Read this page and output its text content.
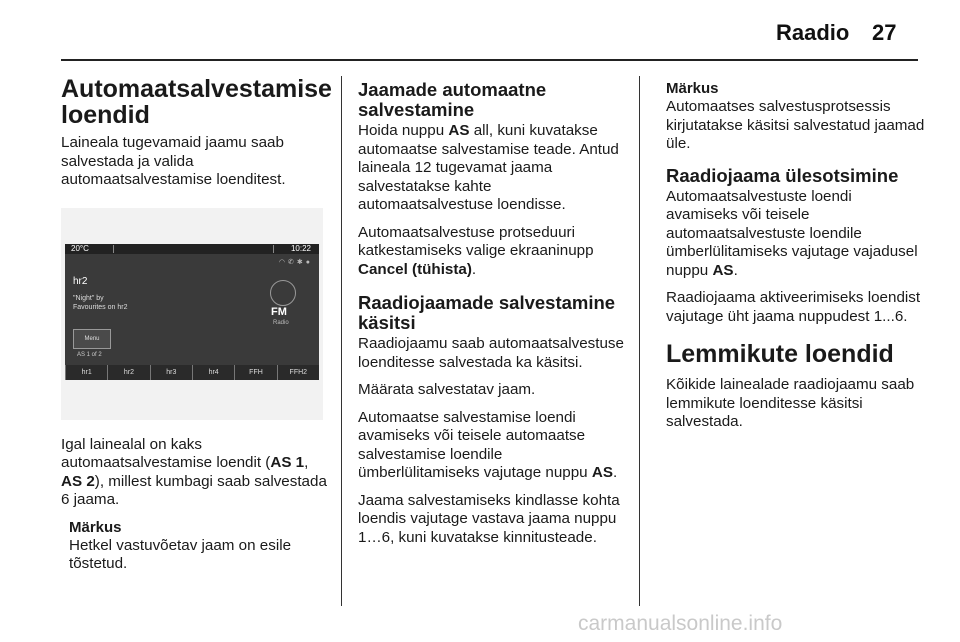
Raadio 27
Automaatsalvestamise loendid

Laineala tugevamaid jaamu saab salvestada ja valida automaatsalvestamise loenditest.

20°C	10:22
◠✆✱●
hr2
"Night" by
Favourites on hr2	FM
Radio
Menu
AS 1 of 2
hr1	hr2	hr3	hr4	FFH	FFH2

Igal lainealal on kaks automaatsalvestamise loendit (AS 1, AS 2), millest kumbagi saab salvestada 6 jaama.

Märkus
Hetkel vastuvõetav jaam on esile tõstetud.
Jaamade automaatne salvestamine

Hoida nuppu AS all, kuni kuvatakse automaatse salvestamise teade. Antud laineala 12 tugevamat jaama salvestatakse kahte automaatsalvestuse loendisse.

Automaatsalvestuse protseduuri katkestamiseks valige ekraaninupp Cancel (tühista).

Raadiojaamade salvestamine käsitsi

Raadiojaamu saab automaatsalvestuse loenditesse salvestada ka käsitsi.

Määrata salvestatav jaam.

Automaatse salvestamise loendi avamiseks või teisele automaatse salvestamise loendile ümberlülitamiseks vajutage nuppu AS.

Jaama salvestamiseks kindlasse kohta loendis vajutage vastava jaama nuppu 1…6, kuni kuvatakse kinnitusteade.

Märkus
Automaatses salvestusprotsessis kirjutatakse käsitsi salvestatud jaamad üle.
Raadiojaama ülesotsimine

Automaatsalvestuste loendi avamiseks või teisele automaatsalvestuste loendile ümberlülitamiseks vajutage vajadusel nuppu AS.

Raadiojaama aktiveerimiseks loendist vajutage üht jaama nuppudest 1...6.

Lemmikute loendid

Kõikide lainealade raadiojaamu saab lemmikute loenditesse käsitsi salvestada.

carmanualsonline.info
